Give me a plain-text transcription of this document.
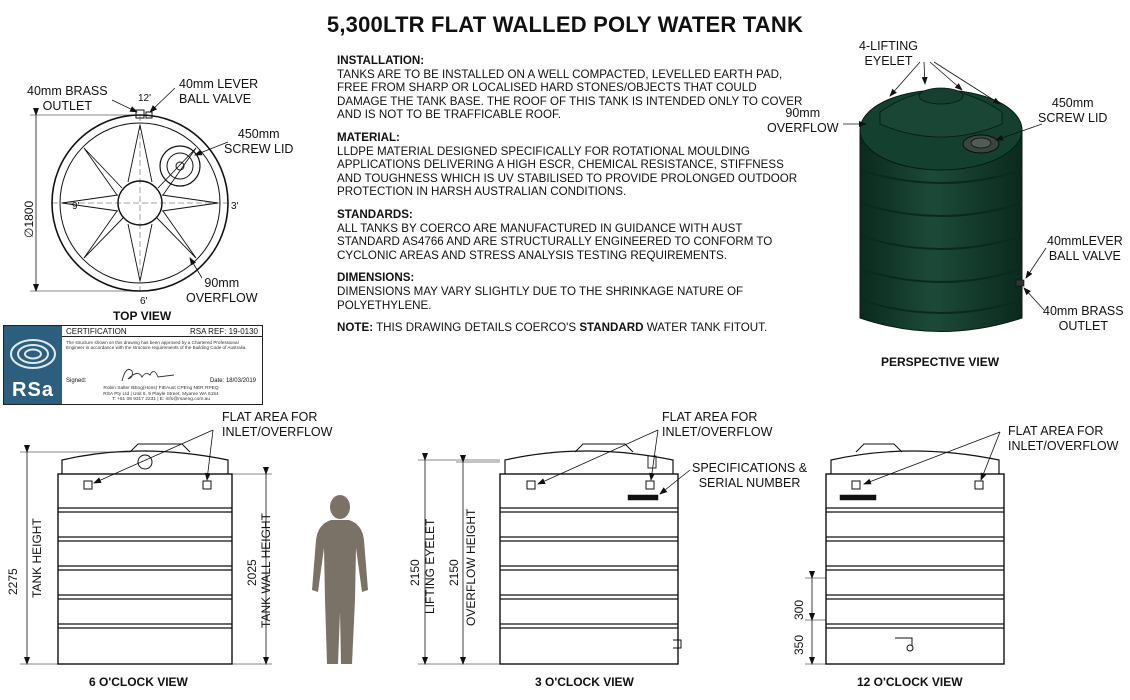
5,300LTR FLAT WALLED POLY WATER TANK
INSTALLATION:
TANKS ARE TO BE INSTALLED ON A WELL COMPACTED, LEVELLED EARTH PAD, FREE FROM SHARP OR LOCALISED HARD STONES/OBJECTS THAT COULD DAMAGE THE TANK BASE. THE ROOF OF THIS TANK IS INTENDED ONLY TO COVER AND IS NOT TO BE TRAFFICABLE ROOF.
MATERIAL:
LLDPE MATERIAL DESIGNED SPECIFICALLY FOR ROTATIONAL MOULDING APPLICATIONS DELIVERING A HIGH ESCR, CHEMICAL RESISTANCE, STIFFNESS AND TOUGHNESS WHICH IS UV STABILISED TO PROVIDE PROLONGED OUTDOOR PROTECTION IN HARSH AUSTRALIAN CONDITIONS.
STANDARDS:
ALL TANKS BY COERCO ARE MANUFACTURED IN GUIDANCE WITH AUST STANDARD AS4766 AND ARE STRUCTURALLY ENGINEERED TO CONFORM TO CYCLONIC AREAS AND STRESS ANALYSIS TESTING REQUIREMENTS.
DIMENSIONS:
DIMENSIONS MAY VARY SLIGHTLY DUE TO THE SHRINKAGE NATURE OF POLYETHYLENE.
NOTE: THIS DRAWING DETAILS COERCO'S STANDARD WATER TANK FITOUT.
40mm BRASS
OUTLET
40mm LEVER
BALL VALVE
450mm
SCREW LID
90mm
OVERFLOW
∅1800
12'
9'	3'
6'
TOP VIEW
4-LIFTING
EYELET
90mm
OVERFLOW
450mm
SCREW LID
40mmLEVER
BALL VALVE
40mm BRASS
OUTLET
PERSPECTIVE VIEW
RSa
CERTIFICATION	RSA REF: 19-0130
The structure shown on this drawing has been approved by a Chartered Professional Engineer in accordance with the structure requirements of the Building Code of Australia.
Signed:	Date: 18/03/2019
Robin Salter BEng(Hons) FIEAust CPEng NER RPEQ
RSA Pty Ltd | Unit 6, 9 Playle Street, Myaree WA 6154
T: +61 08 9317 2231 | E: info@rsaeng.com.au
FLAT AREA FOR
INLET/OVERFLOW
2275 TANK HEIGHT	2025 TANK WALL HEIGHT
6 O'CLOCK VIEW
FLAT AREA FOR
INLET/OVERFLOW
SPECIFICATIONS &
SERIAL NUMBER
2150 LIFTING EYELET 2150 OVERFLOW HEIGHT
3 O'CLOCK VIEW
FLAT AREA FOR
INLET/OVERFLOW
300
350
12 O'CLOCK VIEW
